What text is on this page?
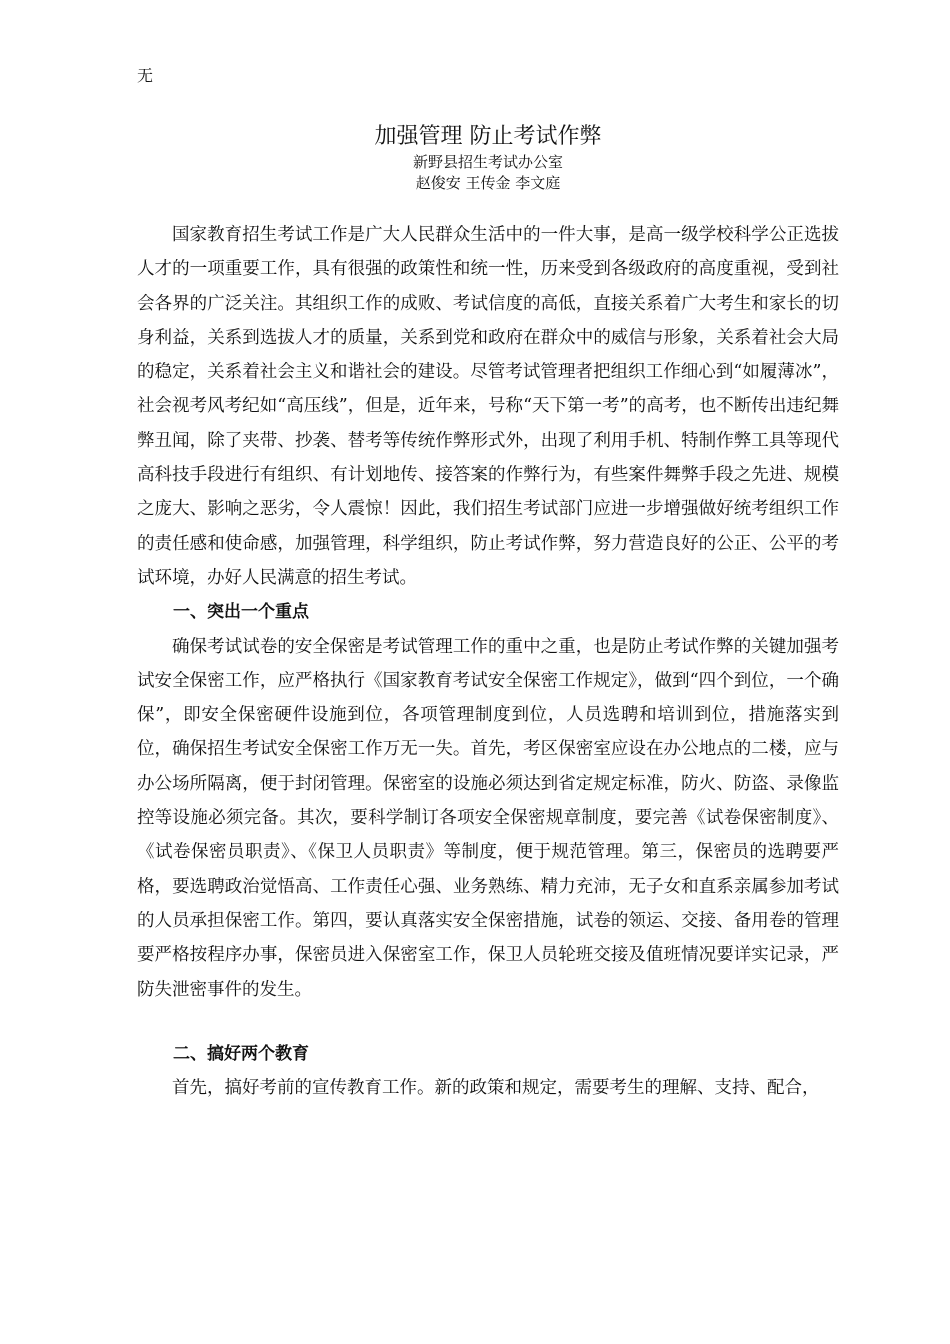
无
加强管理 防止考试作弊
新野县招生考试办公室
赵俊安 王传金 李文庭

国家教育招生考试工作是广大人民群众生活中的一件大事，是高一级学校科学公正选拔人才的一项重要工作，具有很强的政策性和统一性，历来受到各级政府的高度重视，受到社会各界的广泛关注。其组织工作的成败、考试信度的高低，直接关系着广大考生和家长的切身利益，关系到选拔人才的质量，关系到党和政府在群众中的威信与形象，关系着社会大局的稳定，关系着社会主义和谐社会的建设。尽管考试管理者把组织工作细心到“如履薄冰”，社会视考风考纪如“高压线”，但是，近年来，号称“天下第一考”的高考，也不断传出违纪舞弊丑闻，除了夹带、抄袭、替考等传统作弊形式外，出现了利用手机、特制作弊工具等现代高科技手段进行有组织、有计划地传、接答案的作弊行为，有些案件舞弊手段之先进、规模之庞大、影响之恶劣，令人震惊！因此，我们招生考试部门应进一步增强做好统考组织工作的责任感和使命感，加强管理，科学组织，防止考试作弊，努力营造良好的公正、公平的考试环境，办好人民满意的招生考试。

一、突出一个重点

确保考试试卷的安全保密是考试管理工作的重中之重，也是防止考试作弊的关键加强考试安全保密工作，应严格执行《国家教育考试安全保密工作规定》，做到“四个到位，一个确保”，即安全保密硬件设施到位，各项管理制度到位，人员选聘和培训到位，措施落实到位，确保招生考试安全保密工作万无一失。首先，考区保密室应设在办公地点的二楼，应与办公场所隔离，便于封闭管理。保密室的设施必须达到省定规定标准，防火、防盗、录像监控等设施必须完备。其次，要科学制订各项安全保密规章制度，要完善《试卷保密制度》、《试卷保密员职责》、《保卫人员职责》等制度，便于规范管理。第三，保密员的选聘要严格，要选聘政治觉悟高、工作责任心强、业务熟练、精力充沛，无子女和直系亲属参加考试的人员承担保密工作。第四，要认真落实安全保密措施，试卷的领运、交接、备用卷的管理要严格按程序办事，保密员进入保密室工作，保卫人员轮班交接及值班情况要详实记录，严防失泄密事件的发生。

二、搞好两个教育

首先，搞好考前的宣传教育工作。新的政策和规定，需要考生的理解、支持、配合，
